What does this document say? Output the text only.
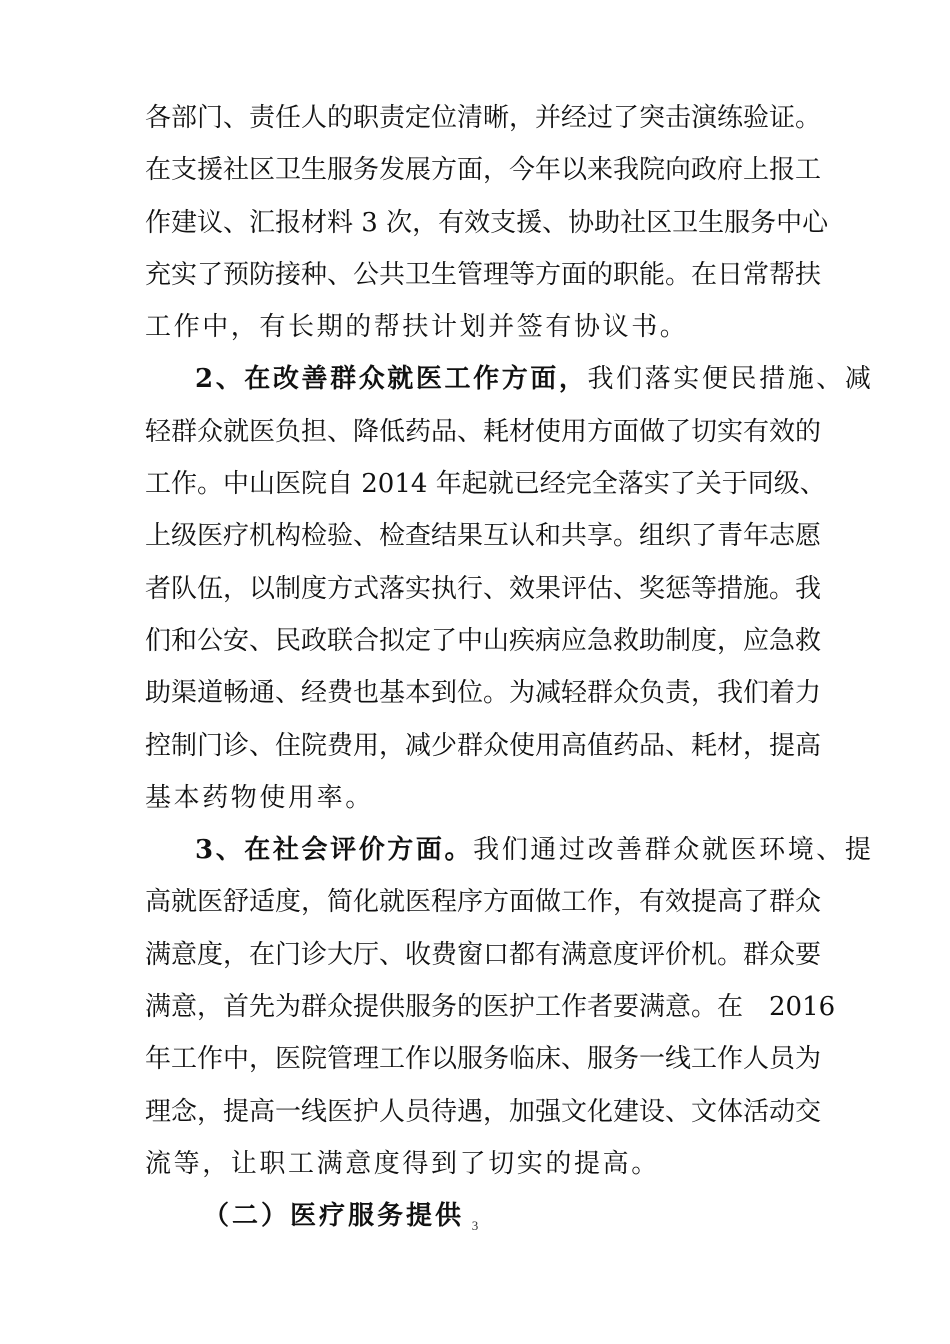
各部门、责任人的职责定位清晰，并经过了突击演练验证。
在支援社区卫生服务发展方面，今年以来我院向政府上报工
作建议、汇报材料 3 次，有效支援、协助社区卫生服务中心
充实了预防接种、公共卫生管理等方面的职能。在日常帮扶
工作中，有长期的帮扶计划并签有协议书。
2、在改善群众就医工作方面，我们落实便民措施、减
轻群众就医负担、降低药品、耗材使用方面做了切实有效的
工作。中山医院自 2014 年起就已经完全落实了关于同级、
上级医疗机构检验、检查结果互认和共享。组织了青年志愿
者队伍，以制度方式落实执行、效果评估、奖惩等措施。我
们和公安、民政联合拟定了中山疾病应急救助制度，应急救
助渠道畅通、经费也基本到位。为减轻群众负责，我们着力
控制门诊、住院费用，减少群众使用高值药品、耗材，提高
基本药物使用率。
3、在社会评价方面。我们通过改善群众就医环境、提
高就医舒适度，简化就医程序方面做工作，有效提高了群众
满意度，在门诊大厅、收费窗口都有满意度评价机。群众要
满意，首先为群众提供服务的医护工作者要满意。在　2016
年工作中，医院管理工作以服务临床、服务一线工作人员为
理念，提高一线医护人员待遇，加强文化建设、文体活动交
流等，让职工满意度得到了切实的提高。
（二）医疗服务提供 3
